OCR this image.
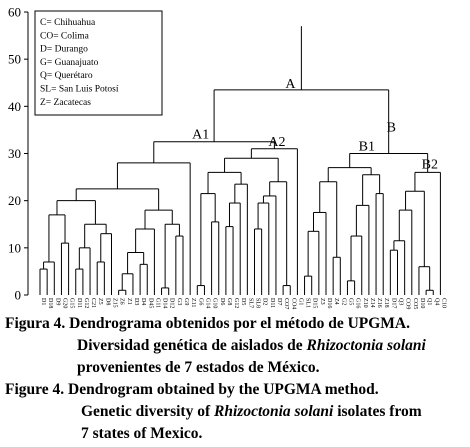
0
10
20
30
40
50
60
D1 D18 D9 G20 G15 D11 G12 C21 Z5 D8 Z15 Z6 Z1 D3 D4 D45 G11 D14 D12 G3 G9 Z11 G6 G14 G10 D6 G8 G12 D5 SL7 SL8 D2 D11 D7 CO7 CO4 G1 SL1 D15 Z3 D16 Z4 G2 G5 G16 Z10 Z14 Z16 Z18 D17 Q3 CO9 CO5 D10 Q1 Q4 C10
A
A1	A2
B
B1
B2
C= Chihuahua
CO= Colima
D= Durango
G= Guanajuato
Q= Querétaro
SL= San Luis Potosí
Z= Zacatecas
Figura 4. Dendrograma obtenidos por el método de UPGMA.
Diversidad genética de aislados de Rhizoctonia solani
provenientes de 7 estados de México.
Figure 4. Dendrogram obtained by the UPGMA method.
Genetic diversity of Rhizoctonia solani isolates from
7 states of Mexico.
